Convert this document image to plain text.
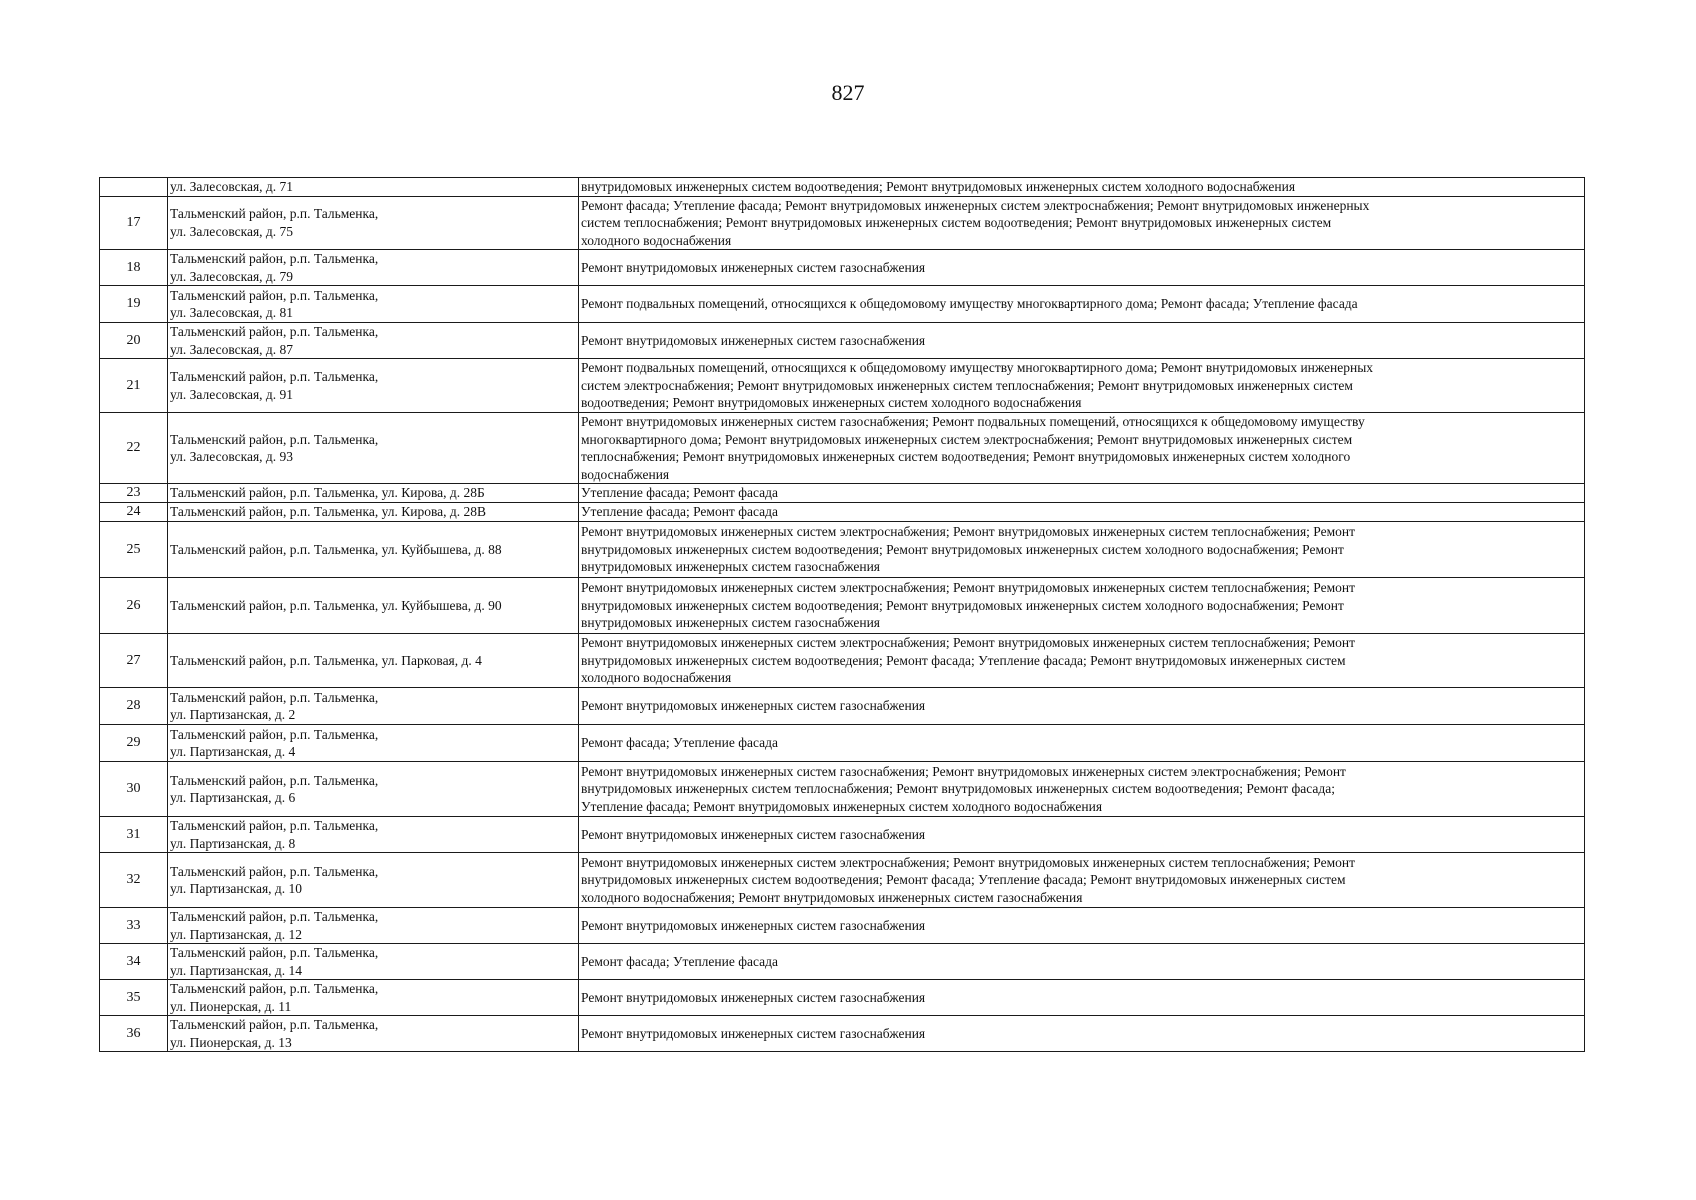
827

	ул. Залесовская, д. 71	внутридомовых инженерных систем водоотведения; Ремонт внутридомовых инженерных систем холодного водоснабжения

17	Тальменский район, р.п. Тальменка,
ул. Залесовская, д. 75	Ремонт фасада; Утепление фасада; Ремонт внутридомовых инженерных систем электроснабжения; Ремонт внутридомовых инженерных
систем теплоснабжения; Ремонт внутридомовых инженерных систем водоотведения; Ремонт внутридомовых инженерных систем
холодного водоснабжения

18	Тальменский район, р.п. Тальменка,
ул. Залесовская, д. 79	Ремонт внутридомовых инженерных систем газоснабжения

19	Тальменский район, р.п. Тальменка,
ул. Залесовская, д. 81	Ремонт подвальных помещений, относящихся к общедомовому имуществу многоквартирного дома; Ремонт фасада; Утепление фасада

20	Тальменский район, р.п. Тальменка,
ул. Залесовская, д. 87	Ремонт внутридомовых инженерных систем газоснабжения

21	Тальменский район, р.п. Тальменка,
ул. Залесовская, д. 91	Ремонт подвальных помещений, относящихся к общедомовому имуществу многоквартирного дома; Ремонт внутридомовых инженерных
систем электроснабжения; Ремонт внутридомовых инженерных систем теплоснабжения; Ремонт внутридомовых инженерных систем
водоотведения; Ремонт внутридомовых инженерных систем холодного водоснабжения

22	Тальменский район, р.п. Тальменка,
ул. Залесовская, д. 93	Ремонт внутридомовых инженерных систем газоснабжения; Ремонт подвальных помещений, относящихся к общедомовому имуществу
многоквартирного дома; Ремонт внутридомовых инженерных систем электроснабжения; Ремонт внутридомовых инженерных систем
теплоснабжения; Ремонт внутридомовых инженерных систем водоотведения; Ремонт внутридомовых инженерных систем холодного
водоснабжения

23	Тальменский район, р.п. Тальменка, ул. Кирова, д. 28Б	Утепление фасада; Ремонт фасада

24	Тальменский район, р.п. Тальменка, ул. Кирова, д. 28В	Утепление фасада; Ремонт фасада

25	Тальменский район, р.п. Тальменка, ул. Куйбышева, д. 88	Ремонт внутридомовых инженерных систем электроснабжения; Ремонт внутридомовых инженерных систем теплоснабжения; Ремонт
внутридомовых инженерных систем водоотведения; Ремонт внутридомовых инженерных систем холодного водоснабжения; Ремонт
внутридомовых инженерных систем газоснабжения

26	Тальменский район, р.п. Тальменка, ул. Куйбышева, д. 90	Ремонт внутридомовых инженерных систем электроснабжения; Ремонт внутридомовых инженерных систем теплоснабжения; Ремонт
внутридомовых инженерных систем водоотведения; Ремонт внутридомовых инженерных систем холодного водоснабжения; Ремонт
внутридомовых инженерных систем газоснабжения

27	Тальменский район, р.п. Тальменка, ул. Парковая, д. 4	Ремонт внутридомовых инженерных систем электроснабжения; Ремонт внутридомовых инженерных систем теплоснабжения; Ремонт
внутридомовых инженерных систем водоотведения; Ремонт фасада; Утепление фасада; Ремонт внутридомовых инженерных систем
холодного водоснабжения

28	Тальменский район, р.п. Тальменка,
ул. Партизанская, д. 2	Ремонт внутридомовых инженерных систем газоснабжения

29	Тальменский район, р.п. Тальменка,
ул. Партизанская, д. 4	Ремонт фасада; Утепление фасада

30	Тальменский район, р.п. Тальменка,
ул. Партизанская, д. 6	Ремонт внутридомовых инженерных систем газоснабжения; Ремонт внутридомовых инженерных систем электроснабжения; Ремонт
внутридомовых инженерных систем теплоснабжения; Ремонт внутридомовых инженерных систем водоотведения; Ремонт фасада;
Утепление фасада; Ремонт внутридомовых инженерных систем холодного водоснабжения

31	Тальменский район, р.п. Тальменка,
ул. Партизанская, д. 8	Ремонт внутридомовых инженерных систем газоснабжения

32	Тальменский район, р.п. Тальменка,
ул. Партизанская, д. 10	Ремонт внутридомовых инженерных систем электроснабжения; Ремонт внутридомовых инженерных систем теплоснабжения; Ремонт
внутридомовых инженерных систем водоотведения; Ремонт фасада; Утепление фасада; Ремонт внутридомовых инженерных систем
холодного водоснабжения; Ремонт внутридомовых инженерных систем газоснабжения

33	Тальменский район, р.п. Тальменка,
ул. Партизанская, д. 12	Ремонт внутридомовых инженерных систем газоснабжения

34	Тальменский район, р.п. Тальменка,
ул. Партизанская, д. 14	Ремонт фасада; Утепление фасада

35	Тальменский район, р.п. Тальменка,
ул. Пионерская, д. 11	Ремонт внутридомовых инженерных систем газоснабжения

36	Тальменский район, р.п. Тальменка,
ул. Пионерская, д. 13	Ремонт внутридомовых инженерных систем газоснабжения
